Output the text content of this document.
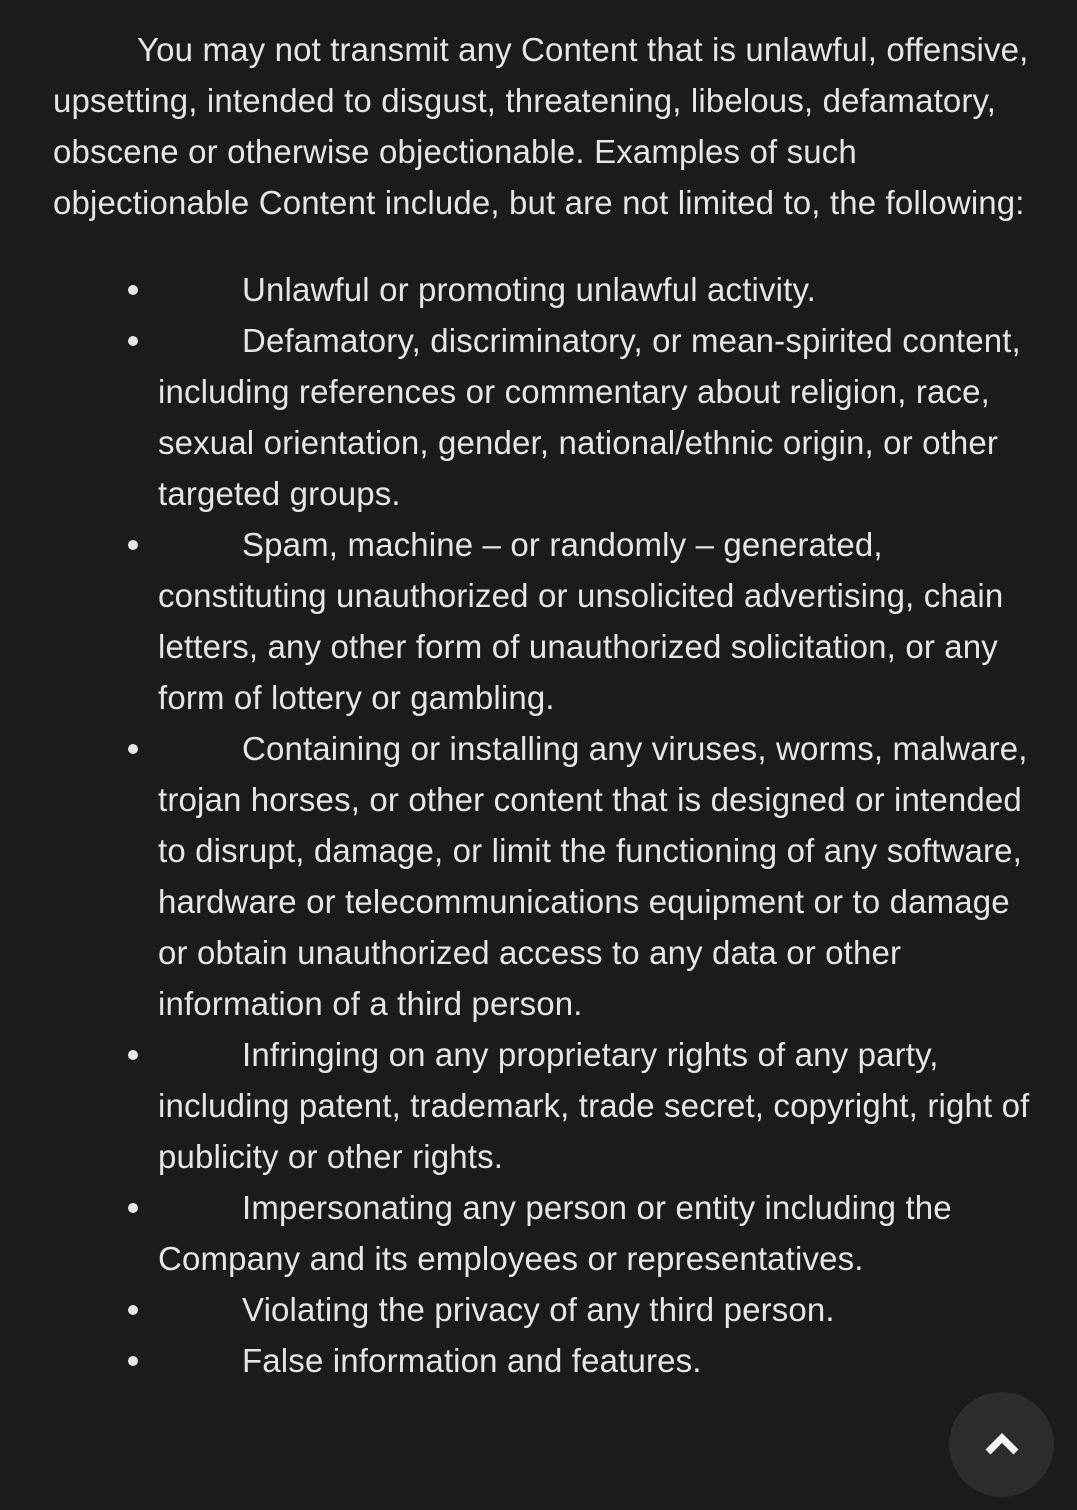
You may not transmit any Content that is unlawful, offensive, upsetting, intended to disgust, threatening, libelous, defamatory, obscene or otherwise objectionable. Examples of such objectionable Content include, but are not limited to, the following:

Unlawful or promoting unlawful activity.
Defamatory, discriminatory, or mean-spirited content, including references or commentary about religion, race, sexual orientation, gender, national/ethnic origin, or other targeted groups.
Spam, machine – or randomly – generated, constituting unauthorized or unsolicited advertising, chain letters, any other form of unauthorized solicitation, or any form of lottery or gambling.
Containing or installing any viruses, worms, malware, trojan horses, or other content that is designed or intended to disrupt, damage, or limit the functioning of any software, hardware or telecommunications equipment or to damage or obtain unauthorized access to any data or other information of a third person.
Infringing on any proprietary rights of any party, including patent, trademark, trade secret, copyright, right of publicity or other rights.
Impersonating any person or entity including the Company and its employees or representatives.
Violating the privacy of any third person.
False information and features.
